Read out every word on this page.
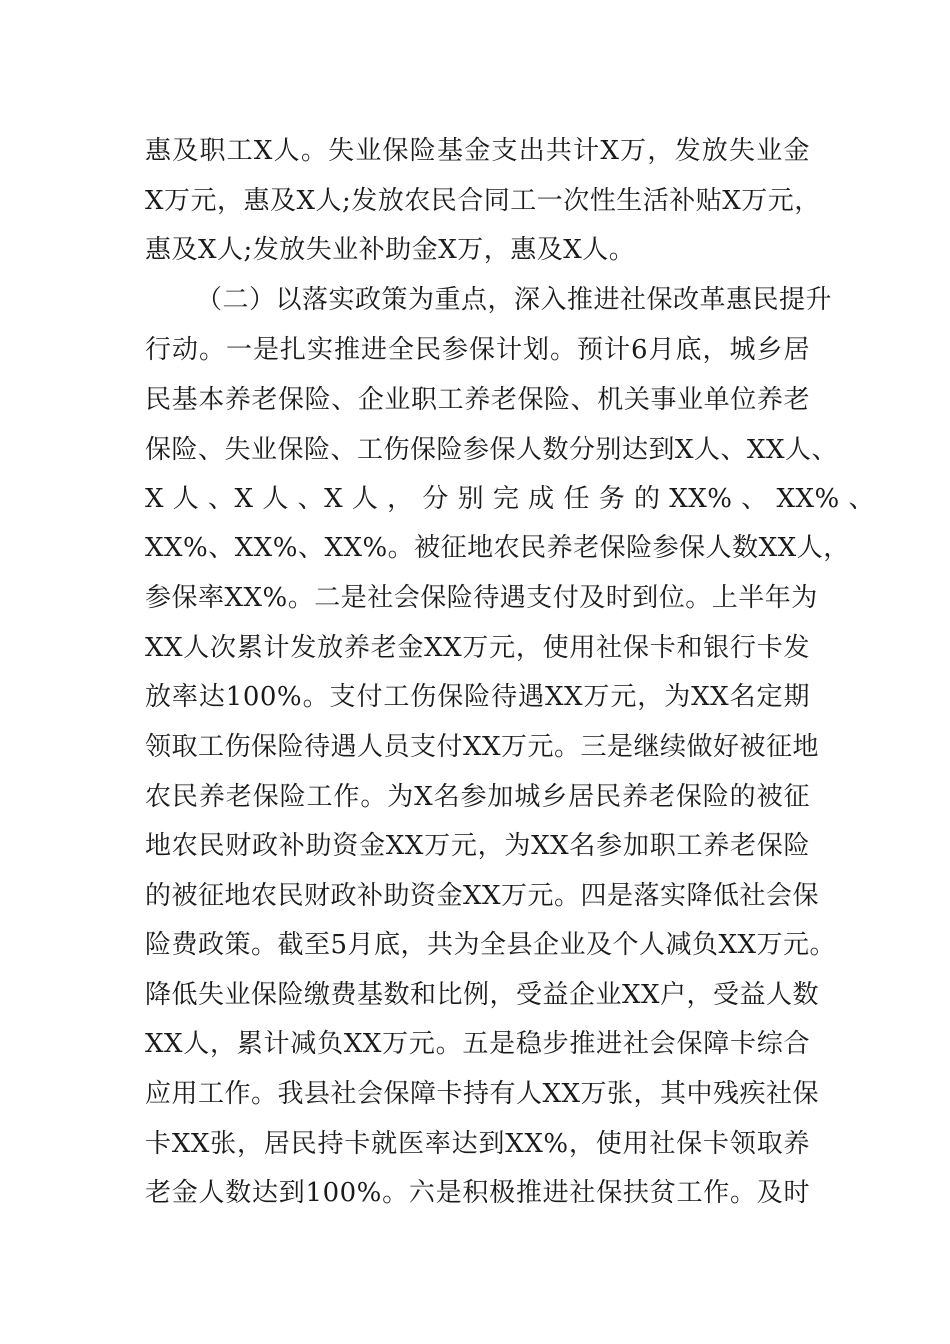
惠及职工X人。失业保险基金支出共计X万，发放失业金
X万元，惠及X人;发放农民合同工一次性生活补贴X万元，
惠及X人;发放失业补助金X万，惠及X人。
（二）以落实政策为重点，深入推进社保改革惠民提升
行动。一是扎实推进全民参保计划。预计6月底，城乡居
民基本养老保险、企业职工养老保险、机关事业单位养老
保险、失业保险、工伤保险参保人数分别达到X人、XX人、
X 人 、X 人 、X 人 ， 分 别 完 成 任 务 的 XX% 、 XX% 、
XX%、XX%、XX%。被征地农民养老保险参保人数XX人，
参保率XX%。二是社会保险待遇支付及时到位。上半年为
XX人次累计发放养老金XX万元，使用社保卡和银行卡发
放率达100%。支付工伤保险待遇XX万元，为XX名定期
领取工伤保险待遇人员支付XX万元。三是继续做好被征地
农民养老保险工作。为X名参加城乡居民养老保险的被征
地农民财政补助资金XX万元，为XX名参加职工养老保险
的被征地农民财政补助资金XX万元。四是落实降低社会保
险费政策。截至5月底，共为全县企业及个人减负XX万元。
降低失业保险缴费基数和比例，受益企业XX户，受益人数
XX人，累计减负XX万元。五是稳步推进社会保障卡综合
应用工作。我县社会保障卡持有人XX万张，其中残疾社保
卡XX张，居民持卡就医率达到XX%，使用社保卡领取养
老金人数达到100%。六是积极推进社保扶贫工作。及时
